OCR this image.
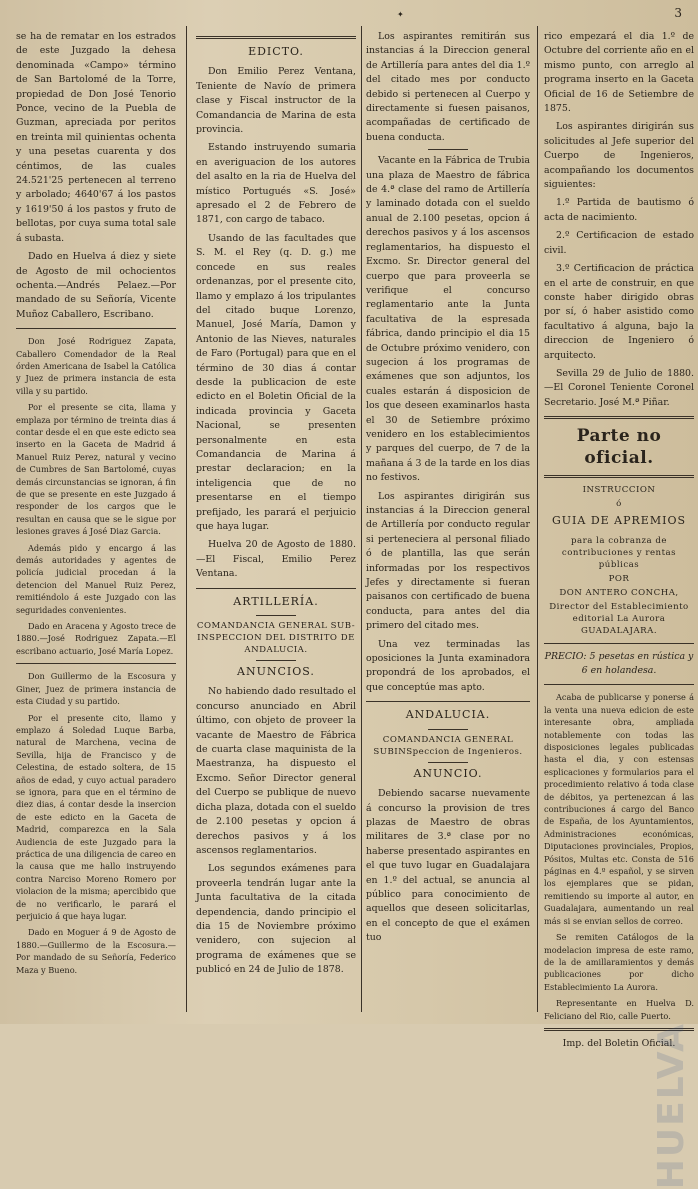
3
✦

se ha de rematar en los estrados de este Juzgado la dehesa denominada «Campo» término de San Bartolomé de la Torre, propiedad de Don José Tenorio Ponce, vecino de la Puebla de Guzman, apreciada por peritos en treinta mil quinientas ochenta y una pesetas cuarenta y dos céntimos, de las cuales 24.521'25 pertenecen al terreno y arbolado; 4640'67 á los pastos y 1619'50 á los pastos y fruto de bellotas, por cuya suma total sale á subasta.

Dado en Huelva á diez y siete de Agosto de mil ochocientos ochenta.—Andrés Pelaez.—Por mandado de su Señoría, Vicente Muñoz Caballero, Escribano.

Don José Rodriguez Zapata, Caballero Comendador de la Real órden Americana de Isabel la Católica y Juez de primera instancia de esta villa y su partido.

Por el presente se cita, llama y emplaza por término de treinta dias á contar desde el en que este edicto sea inserto en la Gaceta de Madrid á Manuel Ruiz Perez, natural y vecino de Cumbres de San Bartolomé, cuyas demás circunstancias se ignoran, á fin de que se presente en este Juzgado á responder de los cargos que le resultan en causa que se le sigue por lesiones graves á José Diaz Garcia.

Además pido y encargo á las demás autoridades y agentes de policía judicial procedan á la detencion del Manuel Ruiz Perez, remitiéndolo á este Juzgado con las seguridades convenientes.

Dado en Aracena y Agosto trece de 1880.—José Rodriguez Zapata.—El escribano actuario, José María Lopez.

Don Guillermo de la Escosura y Giner, Juez de primera instancia de esta Ciudad y su partido.

Por el presente cito, llamo y emplazo á Soledad Luque Barba, natural de Marchena, vecina de Sevilla, hija de Francisco y de Celestina, de estado soltera, de 15 años de edad, y cuyo actual paradero se ignora, para que en el término de diez dias, á contar desde la insercion de este edicto en la Gaceta de Madrid, comparezca en la Sala Audiencia de este Juzgado para la práctica de una diligencia de careo en la causa que me hallo instruyendo contra Narciso Moreno Romero por violacion de la misma; apercibido que de no verificarlo, le parará el perjuicio á que haya lugar.

Dado en Moguer á 9 de Agosto de 1880.—Guillermo de la Escosura.—Por mandado de su Señoría, Federico Maza y Bueno.

EDICTO.

Don Emilio Perez Ventana, Teniente de Navío de primera clase y Fiscal instructor de la Comandancia de Marina de esta provincia.

Estando instruyendo sumaria en averiguacion de los autores del asalto en la ria de Huelva del místico Portugués «S. José» apresado el 2 de Febrero de 1871, con cargo de tabaco.

Usando de las facultades que S. M. el Rey (q. D. g.) me concede en sus reales ordenanzas, por el presente cito, llamo y emplazo á los tripulantes del citado buque Lorenzo, Manuel, José María, Damon y Antonio de las Nieves, naturales de Faro (Portugal) para que en el término de 30 dias á contar desde la publicacion de este edicto en el Boletin Oficial de la indicada provincia y Gaceta Nacional, se presenten personalmente en esta Comandancia de Marina á prestar declaracion; en la inteligencia que de no presentarse en el tiempo prefijado, les parará el perjuicio que haya lugar.

Huelva 20 de Agosto de 1880.—El Fiscal, Emilio Perez Ventana.

ARTILLERÍA.
COMANDANCIA GENERAL SUB-INSPECCION DEL DISTRITO DE ANDALUCIA.
ANUNCIOS.

No habiendo dado resultado el concurso anunciado en Abril último, con objeto de proveer la vacante de Maestro de Fábrica de cuarta clase maquinista de la Maestranza, ha dispuesto el Excmo. Señor Director general del Cuerpo se publique de nuevo dicha plaza, dotada con el sueldo de 2.100 pesetas y opcion á derechos pasivos y á los ascensos reglamentarios.

Los segundos exámenes para proveerla tendrán lugar ante la Junta facultativa de la citada dependencia, dando principio el dia 15 de Noviembre próximo venidero, con sujecion al programa de exámenes que se publicó en 24 de Julio de 1878.

Los aspirantes remitirán sus instancias á la Direccion general de Artillería para antes del dia 1.º del citado mes por conducto debido si pertenecen al Cuerpo y directamente si fuesen paisanos, acompañadas de certificado de buena conducta.

Vacante en la Fábrica de Trubia una plaza de Maestro de fábrica de 4.ª clase del ramo de Artillería y laminado dotada con el sueldo anual de 2.100 pesetas, opcion á derechos pasivos y á los ascensos reglamentarios, ha dispuesto el Excmo. Sr. Director general del cuerpo que para proveerla se verifique el concurso reglamentario ante la Junta facultativa de la espresada fábrica, dando principio el dia 15 de Octubre próximo venidero, con sugecion á los programas de exámenes que son adjuntos, los cuales estarán á disposicion de los que deseen examinarlos hasta el 30 de Setiembre próximo venidero en los establecimientos y parques del cuerpo, de 7 de la mañana á 3 de la tarde en los dias no festivos.

Los aspirantes dirigirán sus instancias á la Direccion general de Artillería por conducto regular si perteneciera al personal filiado ó de plantilla, las que serán informadas por los respectivos Jefes y directamente si fueran paisanos con certificado de buena conducta, para antes del dia primero del citado mes.

Una vez terminadas las oposiciones la Junta examinadora propondrá de los aprobados, el que conceptúe mas apto.

ANDALUCIA.
COMANDANCIA GENERAL SUBINSpeccion de Ingenieros.
ANUNCIO.

Debiendo sacarse nuevamente á concurso la provision de tres plazas de Maestro de obras militares de 3.ª clase por no haberse presentado aspirantes en el que tuvo lugar en Guadalajara en 1.º del actual, se anuncia al público para conocimiento de aquellos que deseen solicitarlas, en el concepto de que el exámen tuo

rico empezará el dia 1.º de Octubre del corriente año en el mismo punto, con arreglo al programa inserto en la Gaceta Oficial de 16 de Setiembre de 1875.

Los aspirantes dirigirán sus solicitudes al Jefe superior del Cuerpo de Ingenieros, acompañando los documentos siguientes:

1.º Partida de bautismo ó acta de nacimiento.

2.º Certificacion de estado civil.

3.º Certificacion de práctica en el arte de construir, en que conste haber dirigido obras por sí, ó haber asistido como facultativo á alguna, bajo la direccion de Ingeniero ó arquitecto.

Sevilla 29 de Julio de 1880.—El Coronel Teniente Coronel Secretario. José M.ª Piñar.

Parte no oficial.
INSTRUCCION
ó
GUIA DE APREMIOS
para la cobranza de contribuciones y rentas públicas
POR
DON ANTERO CONCHA,
Director del Establecimiento editorial La Aurora GUADALAJARA.

PRECIO: 5 pesetas en rústica y 6 en holandesa.

Acaba de publicarse y ponerse á la venta una nueva edicion de este interesante obra, ampliada notablemente con todas las disposiciones legales publicadas hasta el dia, y con estensas esplicaciones y formularios para el procedimiento relativo á toda clase de débitos, ya pertenezcan á las contribuciones á cargo del Banco de España, de los Ayuntamientos, Administraciones económicas, Diputaciones provinciales, Propios, Pósitos, Multas etc. Consta de 516 páginas en 4.º español, y se sirven los ejemplares que se pidan, remitiendo su importe al autor, en Guadalajara, aumentando un real más si se envian sellos de correo.

Se remiten Catálogos de la modelacion impresa de este ramo, de la de amillaramientos y demás publicaciones por dicho Establecimiento La Aurora.

Representante en Huelva D. Feliciano del Rio, calle Puerto.

Imp. del Boletin Oficial.
HUELVA
